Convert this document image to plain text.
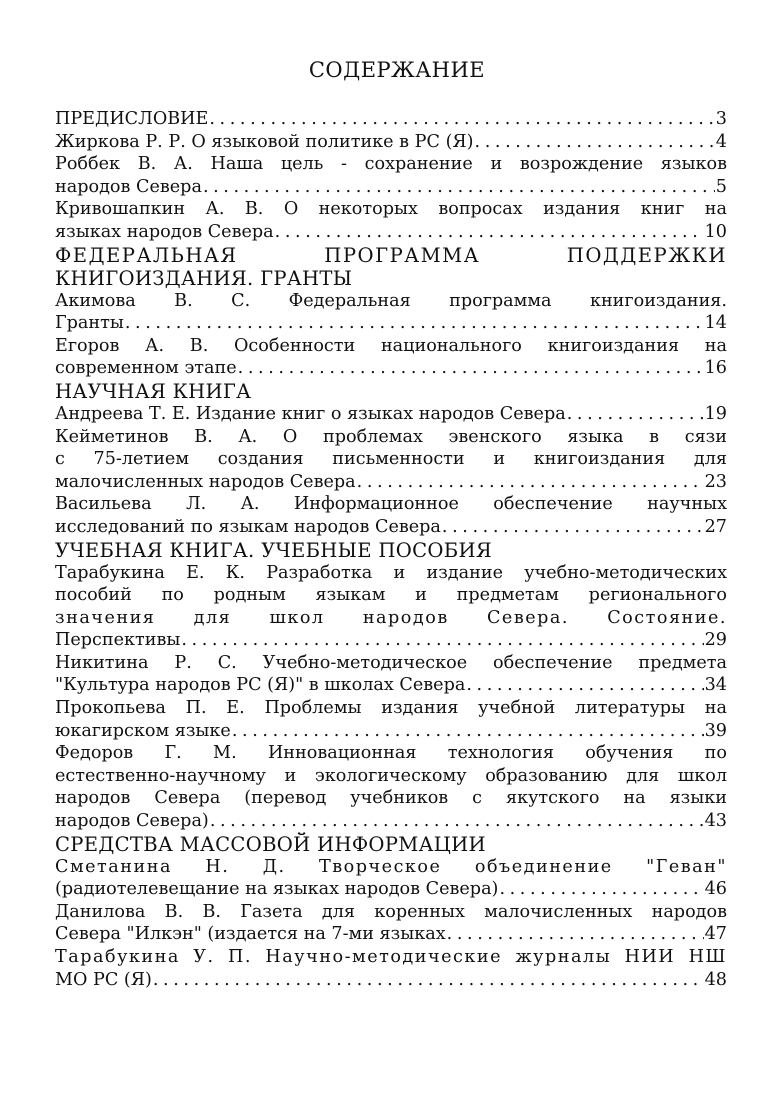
СОДЕРЖАНИЕ
ПРЕДИСЛОВИЕ . . .	3
Жиркова Р. Р. О языковой политике в РС (Я) . . .	4
Роббек В. А. Наша цель - сохранение и возрождение языков
народов Севера . . .	5
Кривошапкин А. В. О некоторых вопросах издания книг на
языках народов Севера . . .	10
ФЕДЕРАЛЬНАЯ ПРОГРАММА ПОДДЕРЖКИ
КНИГОИЗДАНИЯ. ГРАНТЫ
Акимова В. С. Федеральная программа книгоиздания.
Гранты . . .	14
Егоров А. В. Особенности национального книгоиздания на
современном этапе . . .	16
НАУЧНАЯ КНИГА
Андреева Т. Е. Издание книг о языках народов Севера . . .	19
Кейметинов В. А. О проблемах эвенского языка в сязи
с 75-летием создания письменности и книгоиздания для
малочисленных народов Севера . . .	23
Васильева Л. А. Информационное обеспечение научных
исследований по языкам народов Севера . . .	27
УЧЕБНАЯ КНИГА. УЧЕБНЫЕ ПОСОБИЯ
Тарабукина Е. К. Разработка и издание учебно-методических
пособий по родным языкам и предметам регионального
значения для школ народов Севера. Состояние.
Перспективы . . .	29
Никитина Р. С. Учебно-методическое обеспечение предмета
"Культура народов РС (Я)" в школах Севера . . .	34
Прокопьева П. Е. Проблемы издания учебной литературы на
юкагирском языке . . .	39
Федоров Г. М. Инновационная технология обучения по
естественно-научному и экологическому образованию для школ
народов Севера (перевод учебников с якутского на языки
народов Севера) . . .	43
СРЕДСТВА МАССОВОЙ ИНФОРМАЦИИ
Сметанина Н. Д. Творческое объединение "Геван"
(радиотелевещание на языках народов Севера) . . .	46
Данилова В. В. Газета для коренных малочисленных народов
Севера "Илкэн" (издается на 7-ми языках . . .	47
Тарабукина У. П. Научно-методические журналы НИИ НШ
МО РС (Я) . . .	48
